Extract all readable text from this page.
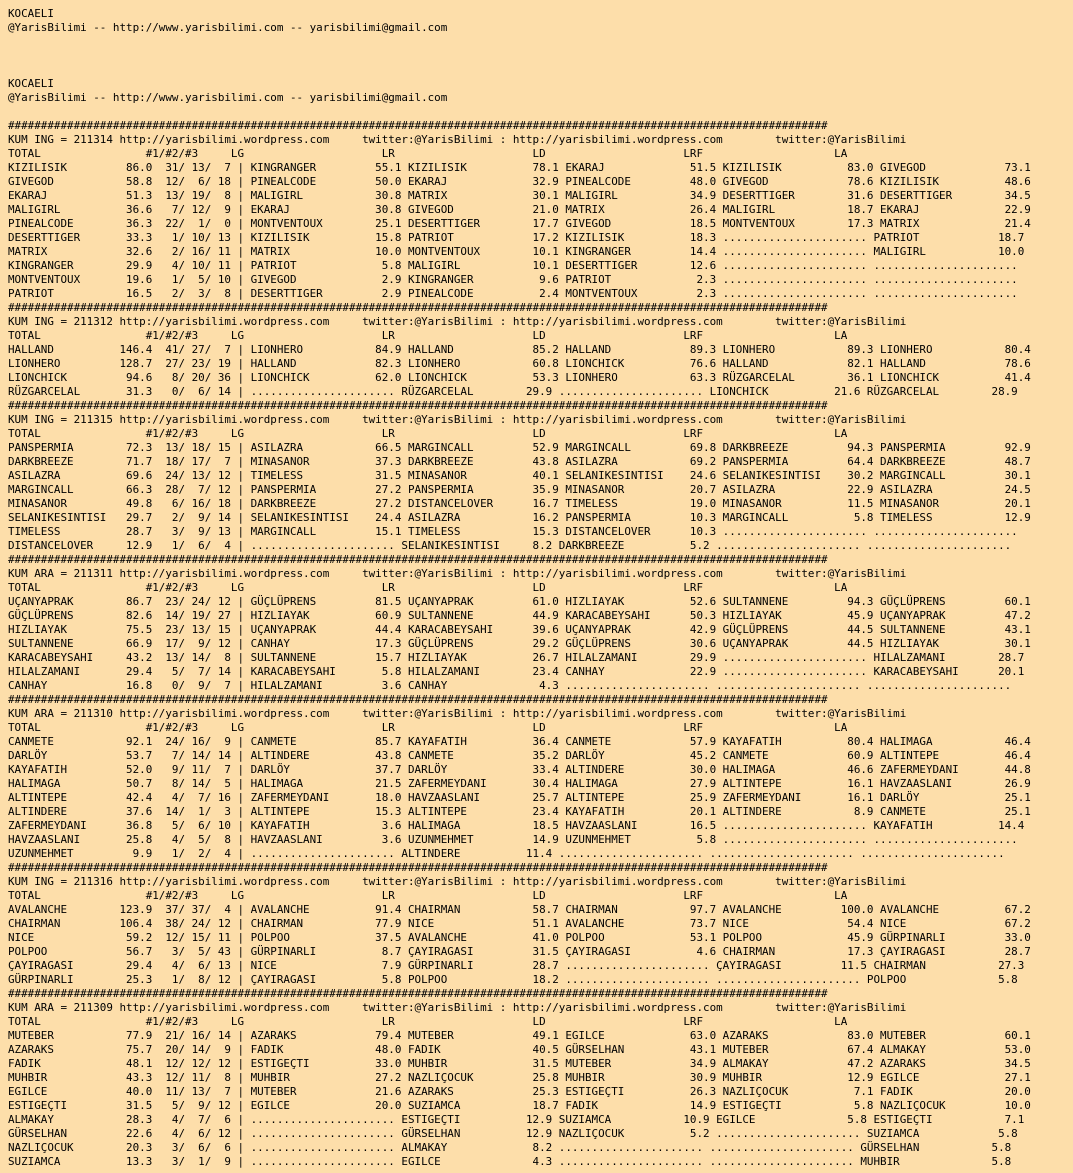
KOCAELI
@YarisBilimi -- http://www.yarisbilimi.com -- yarisbilimi@gmail.com

KOCAELI
@YarisBilimi -- http://www.yarisbilimi.com -- yarisbilimi@gmail.com

#############################################################################################################################
KUM ING = 211314 http://yarisbilimi.wordpress.com     twitter:@YarisBilimi : http://yarisbilimi.wordpress.com        twitter:@YarisBilimi
TOTAL                #1/#2/#3     LG                     LR                     LD                     LRF                    LA
KIZILISIK         86.0  31/ 13/  7 | KINGRANGER         55.1 KIZILISIK          78.1 EKARAJ             51.5 KIZILISIK          83.0 GIVEGOD            73.1
GIVEGOD           58.8  12/  6/ 18 | PINEALCODE         50.0 EKARAJ             32.9 PINEALCODE         48.0 GIVEGOD            78.6 KIZILISIK          48.6
EKARAJ            51.3  13/ 19/  8 | MALIGIRL           30.8 MATRIX             30.1 MALIGIRL           34.9 DESERTTIGER        31.6 DESERTTIGER        34.5
MALIGIRL          36.6   7/ 12/  9 | EKARAJ             30.8 GIVEGOD            21.0 MATRIX             26.4 MALIGIRL           18.7 EKARAJ             22.9
PINEALCODE        36.3  22/  1/  0 | MONTVENTOUX        25.1 DESERTTIGER        17.7 GIVEGOD            18.5 MONTVENTOUX        17.3 MATRIX             21.4
DESERTTIGER       33.3   1/ 10/ 13 | KIZILISIK          15.8 PATRIOT            17.2 KIZILISIK          18.3 ...................... PATRIOT            18.7
MATRIX            32.6   2/ 16/ 11 | MATRIX             10.0 MONTVENTOUX        10.1 KINGRANGER         14.4 ...................... MALIGIRL           10.0
KINGRANGER        29.9   4/ 10/ 11 | PATRIOT             5.8 MALIGIRL           10.1 DESERTTIGER        12.6 ...................... ......................
MONTVENTOUX       19.6   1/  5/ 10 | GIVEGOD             2.9 KINGRANGER          9.6 PATRIOT             2.3 ...................... ......................
PATRIOT           16.5   2/  3/  8 | DESERTTIGER         2.9 PINEALCODE          2.4 MONTVENTOUX         2.3 ...................... ......................
#############################################################################################################################
KUM ING = 211312 http://yarisbilimi.wordpress.com     twitter:@YarisBilimi : http://yarisbilimi.wordpress.com        twitter:@YarisBilimi
TOTAL                #1/#2/#3     LG                     LR                     LD                     LRF                    LA
HALLAND          146.4  41/ 27/  7 | LIONHERO           84.9 HALLAND            85.2 HALLAND            89.3 LIONHERO           89.3 LIONHERO           80.4
LIONHERO         128.7  27/ 23/ 19 | HALLAND            82.3 LIONHERO           60.8 LIONCHICK          76.6 HALLAND            82.1 HALLAND            78.6
LIONCHICK         94.6   8/ 20/ 36 | LIONCHICK          62.0 LIONCHICK          53.3 LIONHERO           63.3 RÜZGARCELAL        36.1 LIONCHICK          41.4
RÜZGARCELAL       31.3   0/  6/ 14 | ...................... RÜZGARCELAL        29.9 ...................... LIONCHICK          21.6 RÜZGARCELAL        28.9
#############################################################################################################################
KUM ING = 211315 http://yarisbilimi.wordpress.com     twitter:@YarisBilimi : http://yarisbilimi.wordpress.com        twitter:@YarisBilimi
TOTAL                #1/#2/#3     LG                     LR                     LD                     LRF                    LA
PANSPERMIA        72.3  13/ 18/ 15 | ASILAZRA           66.5 MARGINCALL         52.9 MARGINCALL         69.8 DARKBREEZE         94.3 PANSPERMIA         92.9
DARKBREEZE        71.7  18/ 17/  7 | MINASANOR          37.3 DARKBREEZE         43.8 ASILAZRA           69.2 PANSPERMIA         64.4 DARKBREEZE         48.7
ASILAZRA          69.6  24/ 13/ 12 | TIMELESS           31.5 MINASANOR          40.1 SELANIKESINTISI    24.6 SELANIKESINTISI    30.2 MARGINCALL         30.1
MARGINCALL        66.3  28/  7/ 12 | PANSPERMIA         27.2 PANSPERMIA         35.9 MINASANOR          20.7 ASILAZRA           22.9 ASILAZRA           24.5
MINASANOR         49.8   6/ 16/ 18 | DARKBREEZE         27.2 DISTANCELOVER      16.7 TIMELESS           19.0 MINASANOR          11.5 MINASANOR          20.1
SELANIKESINTISI   29.7   2/  9/ 14 | SELANIKESINTISI    24.4 ASILAZRA           16.2 PANSPERMIA         10.3 MARGINCALL          5.8 TIMELESS           12.9
TIMELESS          28.7   3/  9/ 13 | MARGINCALL         15.1 TIMELESS           15.3 DISTANCELOVER      10.3 ...................... ......................
DISTANCELOVER     12.9   1/  6/  4 | ...................... SELANIKESINTISI     8.2 DARKBREEZE          5.2 ...................... ......................
#############################################################################################################################
KUM ARA = 211311 http://yarisbilimi.wordpress.com     twitter:@YarisBilimi : http://yarisbilimi.wordpress.com        twitter:@YarisBilimi
TOTAL                #1/#2/#3     LG                     LR                     LD                     LRF                    LA
UÇANYAPRAK        86.7  23/ 24/ 12 | GÜÇLÜPRENS         81.5 UÇANYAPRAK         61.0 HIZLIAYAK          52.6 SULTANNENE         94.3 GÜÇLÜPRENS         60.1
GÜÇLÜPRENS        82.6  14/ 19/ 27 | HIZLIAYAK          60.9 SULTANNENE         44.9 KARACABEYSAHI      50.3 HIZLIAYAK          45.9 UÇANYAPRAK         47.2
HIZLIAYAK         75.5  23/ 13/ 15 | UÇANYAPRAK         44.4 KARACABEYSAHI      39.6 UÇANYAPRAK         42.9 GÜÇLÜPRENS         44.5 SULTANNENE         43.1
SULTANNENE        66.9  17/  9/ 12 | CANHAY             17.3 GÜÇLÜPRENS         29.2 GÜÇLÜPRENS         30.6 UÇANYAPRAK         44.5 HIZLIAYAK          30.1
KARACABEYSAHI     43.2  13/ 14/  8 | SULTANNENE         15.7 HIZLIAYAK          26.7 HILALZAMANI        29.9 ...................... HILALZAMANI        28.7
HILALZAMANI       29.4   5/  7/ 14 | KARACABEYSAHI       5.8 HILALZAMANI        23.4 CANHAY             22.9 ...................... KARACABEYSAHI      20.1
CANHAY            16.8   0/  9/  7 | HILALZAMANI         3.6 CANHAY              4.3 ...................... ...................... ......................
#############################################################################################################################
KUM ARA = 211310 http://yarisbilimi.wordpress.com     twitter:@YarisBilimi : http://yarisbilimi.wordpress.com        twitter:@YarisBilimi
TOTAL                #1/#2/#3     LG                     LR                     LD                     LRF                    LA
CANMETE           92.1  24/ 16/  9 | CANMETE            85.7 KAYAFATIH          36.4 CANMETE            57.9 KAYAFATIH          80.4 HALIMAGA           46.4
DARLÖY            53.7   7/ 14/ 14 | ALTINDERE          43.8 CANMETE            35.2 DARLÖY             45.2 CANMETE            60.9 ALTINTEPE          46.4
KAYAFATIH         52.0   9/ 11/  7 | DARLÖY             37.7 DARLÖY             33.4 ALTINDERE          30.0 HALIMAGA           46.6 ZAFERMEYDANI       44.8
HALIMAGA          50.7   8/ 14/  5 | HALIMAGA           21.5 ZAFERMEYDANI       30.4 HALIMAGA           27.9 ALTINTEPE          16.1 HAVZAASLANI        26.9
ALTINTEPE         42.4   4/  7/ 16 | ZAFERMEYDANI       18.0 HAVZAASLANI        25.7 ALTINTEPE          25.9 ZAFERMEYDANI       16.1 DARLÖY             25.1
ALTINDERE         37.6  14/  1/  3 | ALTINTEPE          15.3 ALTINTEPE          23.4 KAYAFATIH          20.1 ALTINDERE           8.9 CANMETE            25.1
ZAFERMEYDANI      36.8   5/  6/ 10 | KAYAFATIH           3.6 HALIMAGA           18.5 HAVZAASLANI        16.5 ...................... KAYAFATIH          14.4
HAVZAASLANI       25.8   4/  5/  8 | HAVZAASLANI         3.6 UZUNMEHMET         14.9 UZUNMEHMET          5.8 ...................... ......................
UZUNMEHMET         9.9   1/  2/  4 | ...................... ALTINDERE          11.4 ...................... ...................... ......................
#############################################################################################################################
KUM ING = 211316 http://yarisbilimi.wordpress.com     twitter:@YarisBilimi : http://yarisbilimi.wordpress.com        twitter:@YarisBilimi
TOTAL                #1/#2/#3     LG                     LR                     LD                     LRF                    LA
AVALANCHE        123.9  37/ 37/  4 | AVALANCHE          91.4 CHAIRMAN           58.7 CHAIRMAN           97.7 AVALANCHE         100.0 AVALANCHE          67.2
CHAIRMAN         106.4  38/ 24/ 12 | CHAIRMAN           77.9 NICE               51.1 AVALANCHE          73.7 NICE               54.4 NICE               67.2
NICE              59.2  12/ 15/ 11 | POLPOO             37.5 AVALANCHE          41.0 POLPOO             53.1 POLPOO             45.9 GÜRPINARLI         33.0
POLPOO            56.7   3/  5/ 43 | GÜRPINARLI          8.7 ÇAYIRAGASI         31.5 ÇAYIRAGASI          4.6 CHAIRMAN           17.3 ÇAYIRAGASI         28.7
ÇAYIRAGASI        29.4   4/  6/ 13 | NICE                7.9 GÜRPINARLI         28.7 ...................... ÇAYIRAGASI         11.5 CHAIRMAN           27.3
GÜRPINARLI        25.3   1/  8/ 12 | ÇAYIRAGASI          5.8 POLPOO             18.2 ...................... ...................... POLPOO              5.8
#############################################################################################################################
KUM ARA = 211309 http://yarisbilimi.wordpress.com     twitter:@YarisBilimi : http://yarisbilimi.wordpress.com        twitter:@YarisBilimi
TOTAL                #1/#2/#3     LG                     LR                     LD                     LRF                    LA
MUTEBER           77.9  21/ 16/ 14 | AZARAKS            79.4 MUTEBER            49.1 EGILCE             63.0 AZARAKS            83.0 MUTEBER            60.1
AZARAKS           75.7  20/ 14/  9 | FADIK              48.0 FADIK              40.5 GÜRSELHAN          43.1 MUTEBER            67.4 ALMAKAY            53.0
FADIK             48.1  12/ 12/ 12 | ESTIGEÇTI          33.0 MUHBIR             31.5 MUTEBER            34.9 ALMAKAY            47.2 AZARAKS            34.5
MUHBIR            43.3  12/ 11/  8 | MUHBIR             27.2 NAZLIÇOCUK         25.8 MUHBIR             30.9 MUHBIR             12.9 EGILCE             27.1
EGILCE            40.0  11/ 13/  7 | MUTEBER            21.6 AZARAKS            25.3 ESTIGEÇTI          26.3 NAZLIÇOCUK          7.1 FADIK              20.0
ESTIGEÇTI         31.5   5/  9/ 12 | EGILCE             20.0 SUZIAMCA           18.7 FADIK              14.9 ESTIGEÇTI           5.8 NAZLIÇOCUK         10.0
ALMAKAY           28.3   4/  7/  6 | ...................... ESTIGEÇTI          12.9 SUZIAMCA           10.9 EGILCE              5.8 ESTIGEÇTI           7.1
GÜRSELHAN         22.6   4/  6/ 12 | ...................... GÜRSELHAN          12.9 NAZLIÇOCUK          5.2 ...................... SUZIAMCA            5.8
NAZLIÇOCUK        20.3   3/  6/  6 | ...................... ALMAKAY             8.2 ...................... ...................... GÜRSELHAN           5.8
SUZIAMCA          13.3   3/  1/  9 | ...................... EGILCE              4.3 ...................... ...................... MUHBIR              5.8
